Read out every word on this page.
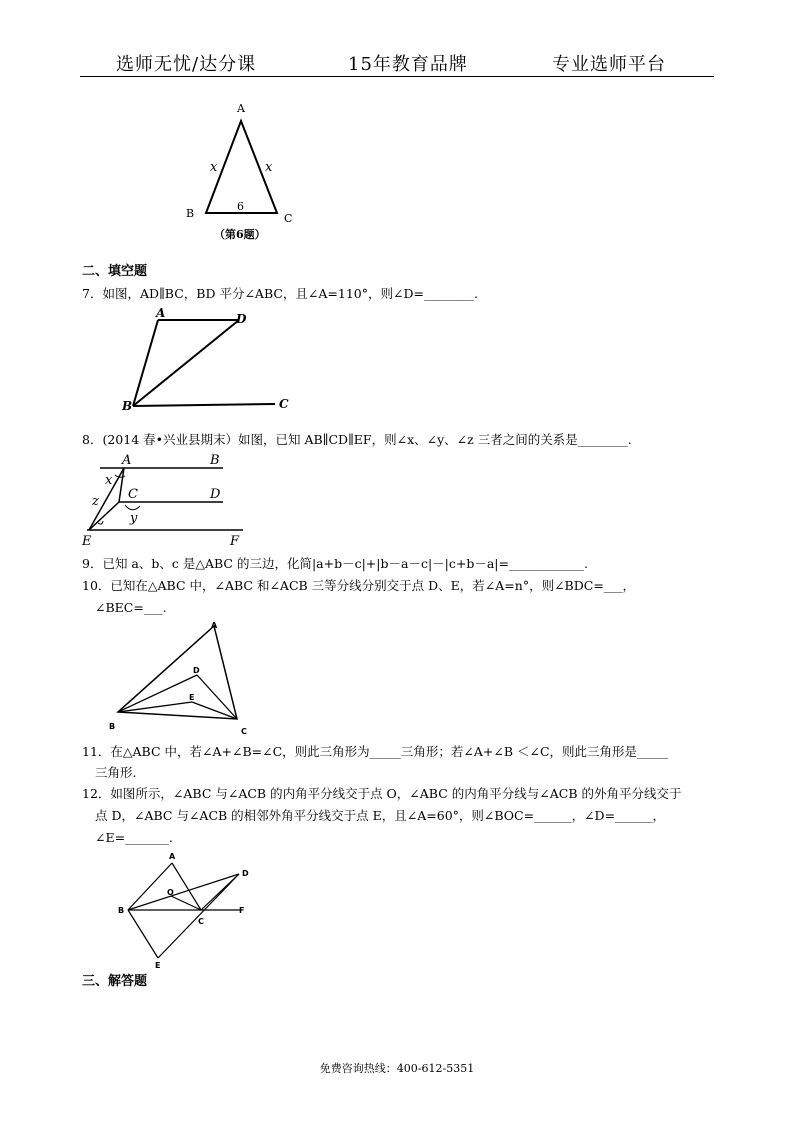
选师无忧/达分课	15年教育品牌	专业选师平台
A
B	C
x	x
6
（第6题）
二、填空题
7．如图，AD∥BC，BD 平分∠ABC，且∠A=110°，则∠D=________.
A	D
B	C
8．(2014 春•兴业县期末）如图，已知 AB∥CD∥EF，则∠x、∠y、∠z 三者之间的关系是________.
A	B
C	D
E	F
x
y
z
9．已知 a、b、c 是△ABC 的三边，化简|a+b－c|+|b－a－c|－|c+b－a|=____________.
10．已知在△ABC 中，∠ABC 和∠ACB 三等分线分别交于点 D、E，若∠A=n°，则∠BDC=___，
∠BEC=___.
A
B
C
D
E
11．在△ABC 中，若∠A+∠B=∠C，则此三角形为_____三角形；若∠A+∠B ＜∠C，则此三角形是_____
三角形.
12．如图所示，∠ABC 与∠ACB 的内角平分线交于点 O，∠ABC 的内角平分线与∠ACB 的外角平分线交于
点 D，∠ABC 与∠ACB 的相邻外角平分线交于点 E，且∠A=60°，则∠BOC=______，∠D=______，
∠E=_______.
A
B
C
D
E
F
O
三、解答题
免费咨询热线：400-612-5351
